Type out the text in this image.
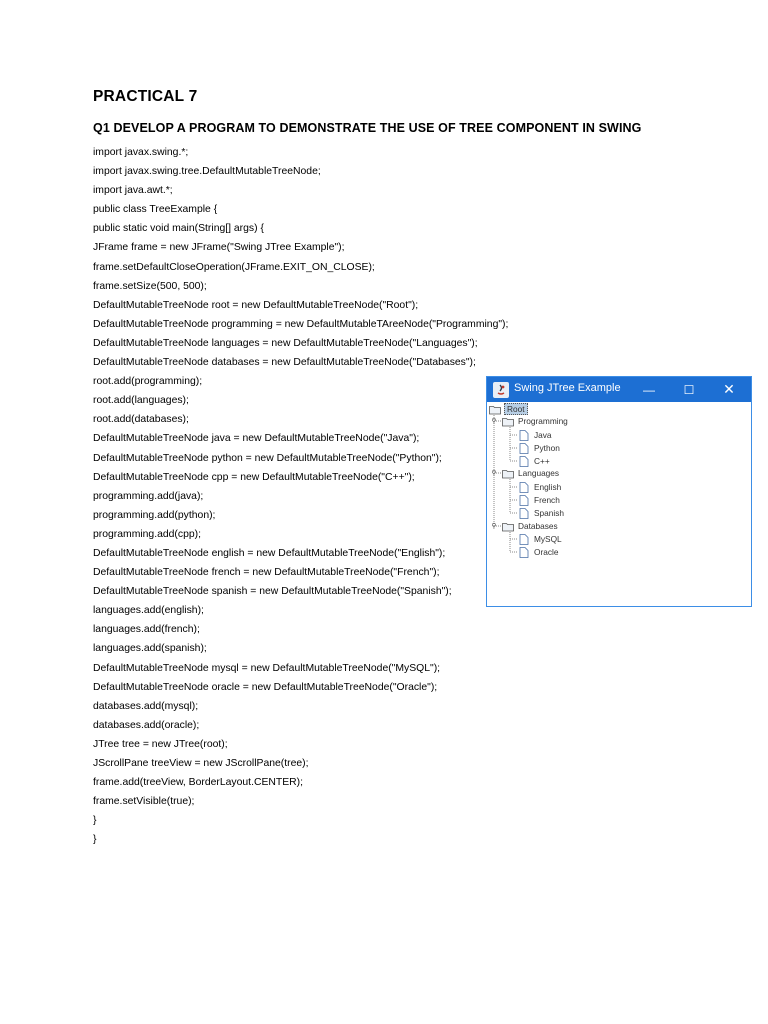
PRACTICAL 7
Q1 DEVELOP A PROGRAM TO DEMONSTRATE THE USE OF TREE COMPONENT IN SWING
import javax.swing.*;
import javax.swing.tree.DefaultMutableTreeNode;
import java.awt.*;
public class TreeExample {
public static void main(String[] args) {
JFrame frame = new JFrame("Swing JTree Example");
frame.setDefaultCloseOperation(JFrame.EXIT_ON_CLOSE);
frame.setSize(500, 500);
DefaultMutableTreeNode root = new DefaultMutableTreeNode("Root");
DefaultMutableTreeNode programming = new DefaultMutableTAreeNode("Programming");
DefaultMutableTreeNode languages = new DefaultMutableTreeNode("Languages");
DefaultMutableTreeNode databases = new DefaultMutableTreeNode("Databases");
root.add(programming);
root.add(languages);
root.add(databases);
DefaultMutableTreeNode java = new DefaultMutableTreeNode("Java");
DefaultMutableTreeNode python = new DefaultMutableTreeNode("Python");
DefaultMutableTreeNode cpp = new DefaultMutableTreeNode("C++");
programming.add(java);
programming.add(python);
programming.add(cpp);
DefaultMutableTreeNode english = new DefaultMutableTreeNode("English");
DefaultMutableTreeNode french = new DefaultMutableTreeNode("French");
DefaultMutableTreeNode spanish = new DefaultMutableTreeNode("Spanish");
languages.add(english);
languages.add(french);
languages.add(spanish);
DefaultMutableTreeNode mysql = new DefaultMutableTreeNode("MySQL");
DefaultMutableTreeNode oracle = new DefaultMutableTreeNode("Oracle");
databases.add(mysql);
databases.add(oracle);
JTree tree = new JTree(root);
JScrollPane treeView = new JScrollPane(tree);
frame.add(treeView, BorderLayout.CENTER);
frame.setVisible(true);
}
}
Swing JTree Example	—	☐	✕
Root
⚲	Programming
Java
Python
C++
⚲	Languages
English
French
Spanish
⚲	Databases
MySQL
Oracle
